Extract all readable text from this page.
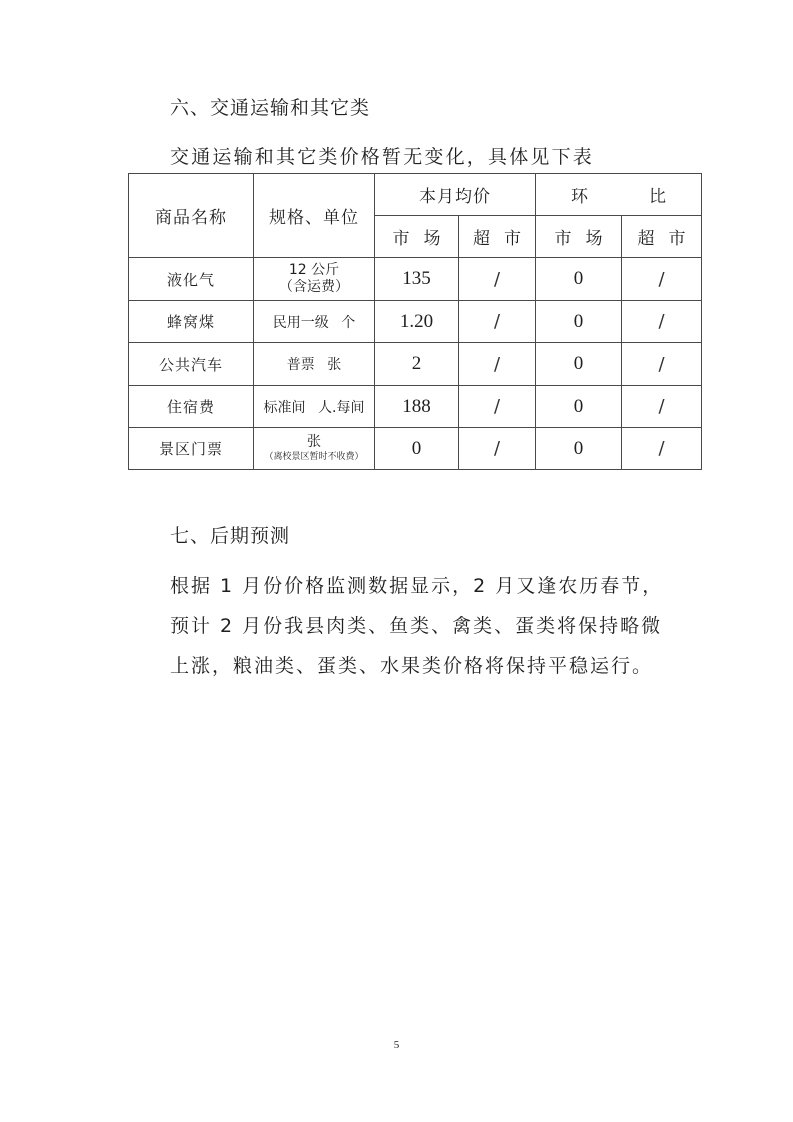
六、交通运输和其它类
交通运输和其它类价格暂无变化，具体见下表
商品名称	规格、单位	本月均价		环　比	
		市场	超市	市场	超市
液化气	12 公斤
（含运费）	135	/	0	/
蜂窝煤	民用一级 个	1.20	/	0	/
公共汽车	普票 张	2	/	0	/
住宿费	标准间 人.每间	188	/	0	/
景区门票	张
（离校景区暂时不收费）	0	/	0	/
七、后期预测
根据 1 月份价格监测数据显示，2 月又逢农历春节，预计 2 月份我县肉类、鱼类、禽类、蛋类将保持略微上涨，粮油类、蛋类、水果类价格将保持平稳运行。
5
